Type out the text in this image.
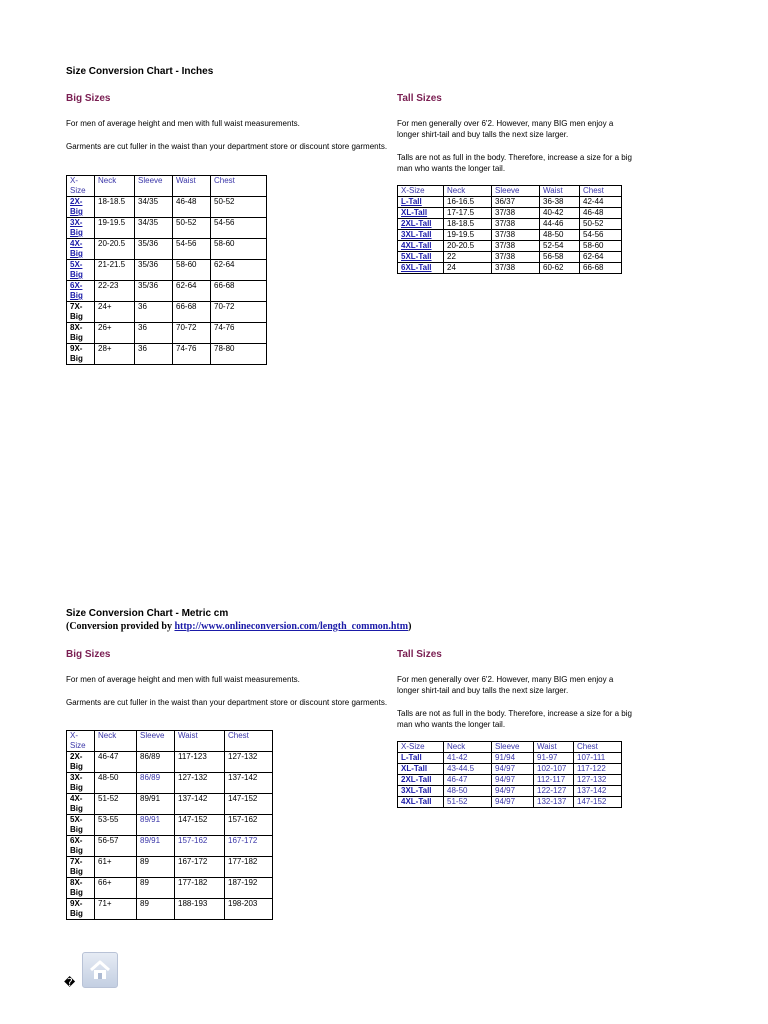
Size Conversion Chart - Inches
Big Sizes
For men of average height and men with full waist measurements.
Garments are cut fuller in the waist than your department store or discount store garments.
X-Size	Neck	Sleeve	Waist	Chest
2X-Big	18-18.5	34/35	46-48	50-52
3X-Big	19-19.5	34/35	50-52	54-56
4X-Big	20-20.5	35/36	54-56	58-60
5X-Big	21-21.5	35/36	58-60	62-64
6X-Big	22-23	35/36	62-64	66-68
7X-Big	24+	36	66-68	70-72
8X-Big	26+	36	70-72	74-76
9X-Big	28+	36	74-76	78-80
Tall Sizes
For men generally over 6'2. However, many BIG men enjoy a longer shirt-tail and buy talls the next size larger.
Talls are not as full in the body. Therefore, increase a size for a big man who wants the longer tail.
X-Size	Neck	Sleeve	Waist	Chest
L-Tall	16-16.5	36/37	36-38	42-44
XL-Tall	17-17.5	37/38	40-42	46-48
2XL-Tall	18-18.5	37/38	44-46	50-52
3XL-Tall	19-19.5	37/38	48-50	54-56
4XL-Tall	20-20.5	37/38	52-54	58-60
5XL-Tall	22	37/38	56-58	62-64
6XL-Tall	24	37/38	60-62	66-68
Size Conversion Chart - Metric cm
(Conversion provided by http://www.onlineconversion.com/length_common.htm)
Big Sizes
For men of average height and men with full waist measurements.
Garments are cut fuller in the waist than your department store or discount store garments.
X-Size	Neck	Sleeve	Waist	Chest
2X-Big	46-47	86/89	117-123	127-132
3X-Big	48-50	86/89	127-132	137-142
4X-Big	51-52	89/91	137-142	147-152
5X-Big	53-55	89/91	147-152	157-162
6X-Big	56-57	89/91	157-162	167-172
7X-Big	61+	89	167-172	177-182
8X-Big	66+	89	177-182	187-192
9X-Big	71+	89	188-193	198-203
Tall Sizes
For men generally over 6'2. However, many BIG men enjoy a longer shirt-tail and buy talls the next size larger.
Talls are not as full in the body. Therefore, increase a size for a big man who wants the longer tail.
X-Size	Neck	Sleeve	Waist	Chest
L-Tall	41-42	91/94	91-97	107-111
XL-Tall	43-44.5	94/97	102-107	117-122
2XL-Tall	46-47	94/97	112-117	127-132
3XL-Tall	48-50	94/97	122-127	137-142
4XL-Tall	51-52	94/97	132-137	147-152
�
